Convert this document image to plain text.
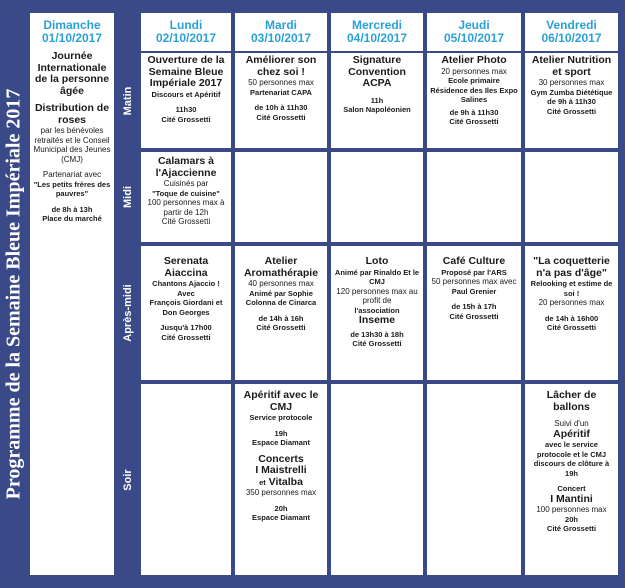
Programme de la Semaine Bleue Impériale 2017
Dimanche
01/10/2017
Journée Internationale de la personne âgée
Distribution de roses
par les bénévoles retraités et le Conseil Municipal des Jeunes (CMJ)
Partenariat avec
"Les petits frères des pauvres"
de 8h à 13h
Place du marché
Lundi
02/10/2017
Mardi
03/10/2017
Mercredi
04/10/2017
Jeudi
05/10/2017
Vendredi
06/10/2017
Matin
Midi
Après-midi
Soir
Ouverture de la Semaine Bleue Impériale 2017
Discours et Apéritif
11h30
Cité Grossetti
Améliorer son chez soi !
50 personnes max
Partenariat CAPA
de 10h à 11h30
Cité Grossetti
Signature Convention ACPA
11h
Salon Napoléonien
Atelier Photo
20 personnes max
Ecole primaire Résidence des Iles Expo Salines
de 9h à 11h30
Cité Grossetti
Atelier Nutrition et sport
30 personnes max
Gym Zumba Diététique
de 9h à 11h30
Cité Grossetti
Calamars à l'Ajaccienne
Cuisinés par
"Toque de cuisine"
100 personnes max à partir de 12h
Cité Grossetti
Serenata Aiaccina
Chantons Ajaccio !
Avec
François Giordani et Don Georges
Jusqu'à 17h00
Cité Grossetti
Atelier Aromathérapie
40 personnes max
Animé par Sophie Colonna de Cinarca
de 14h à 16h
Cité Grossetti
Loto
Animé par Rinaldo Et le CMJ
120 personnes max au profit de
l'association
Inseme
de 13h30 à 18h
Cité Grossetti
Café Culture
Proposé par l'ARS
50 personnes max avec
Paul Grenier
de 15h à 17h
Cité Grossetti
"La coquetterie n'a pas d'âge"
Relooking et estime de soi !
20 personnes max
de 14h à 16h00
Cité Grossetti
Apéritif avec le CMJ
Service protocole
19h
Espace Diamant
Concerts
I Maistrelli
et Vitalba
350 personnes max
20h
Espace Diamant
Lâcher de ballons
Suivi d'un
Apéritif
avec le service protocole et le CMJ discours de clôture à 19h
Concert
I Mantini
100 personnes max
20h
Cité Grossetti
